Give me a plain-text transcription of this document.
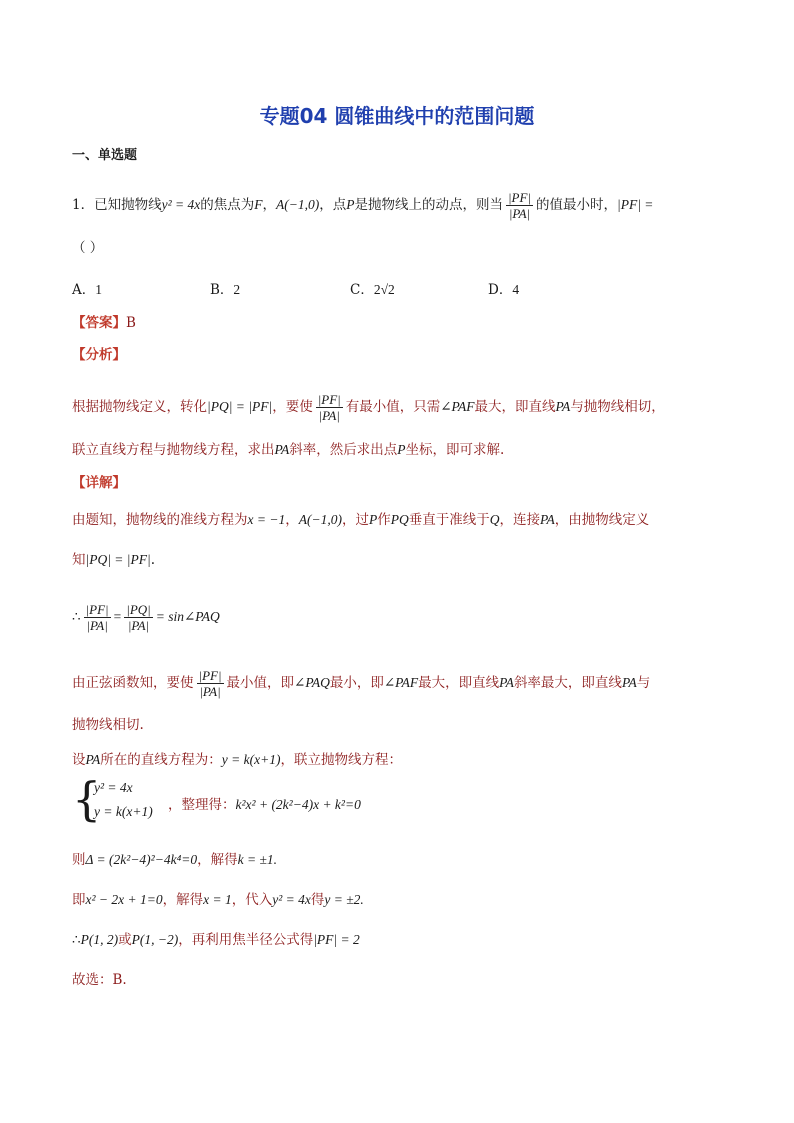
专题04 圆锥曲线中的范围问题
一、单选题
1．已知抛物线y² = 4x的焦点为F，A(−1,0)，点P是抛物线上的动点，则当 $\frac{|PF|}{|PA|}$ 的值最小时，|PF| =
（ ）
A．1	B．2	C．2√2	D．4
【答案】B
【分析】
根据抛物线定义，转化|PQ| = |PF|，要使 $\frac{|PF|}{|PA|}$ 有最小值，只需∠PAF最大，即直线PA与抛物线相切，
联立直线方程与抛物线方程，求出PA斜率，然后求出点P坐标，即可求解.
【详解】
由题知，抛物线的准线方程为x = −1，A(−1,0)，过P作PQ垂直于准线于Q，连接PA，由抛物线定义
知|PQ| = |PF|.
∴ $\frac{|PF|}{|PA|} = \frac{|PQ|}{|PA|}$ = sin∠PAQ
由正弦函数知，要使 $\frac{|PF|}{|PA|}$ 最小值，即∠PAQ最小，即∠PAF最大，即直线PA斜率最大，即直线PA与
抛物线相切.
设PA所在的直线方程为：y = k(x+1)，联立抛物线方程：
{
y² = 4x
y = k(x+1) ，整理得：k²x² + (2k²−4)x + k²=0
则Δ = (2k²−4)²−4k⁴=0，解得k = ±1.
即x² − 2x + 1=0，解得x = 1，代入y² = 4x得y = ±2.
∴P(1, 2)或P(1, −2)，再利用焦半径公式得|PF| = 2
故选：B.
